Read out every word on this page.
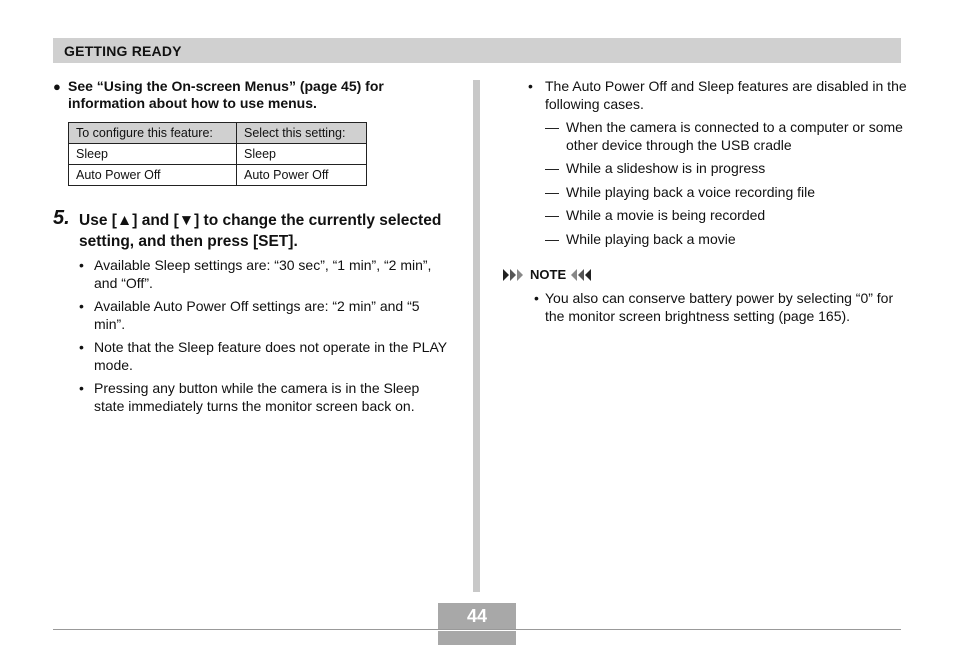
GETTING READY
● See “Using the On-screen Menus” (page 45) for information about how to use menus.
To configure this feature:	Select this setting:
Sleep	Sleep
Auto Power Off	Auto Power Off
5. Use [▲] and [▼] to change the currently selected setting, and then press [SET].
• Available Sleep settings are: “30 sec”, “1 min”, “2 min”, and “Off”.
• Available Auto Power Off settings are: “2 min” and “5 min”.
• Note that the Sleep feature does not operate in the PLAY mode.
• Pressing any button while the camera is in the Sleep state immediately turns the monitor screen back on.
• The Auto Power Off and Sleep features are disabled in the following cases.
— When the camera is connected to a computer or some other device through the USB cradle
— While a slideshow is in progress
— While playing back a voice recording file
— While a movie is being recorded
— While playing back a movie
NOTE
• You also can conserve battery power by selecting “0” for the monitor screen brightness setting (page 165).
44
